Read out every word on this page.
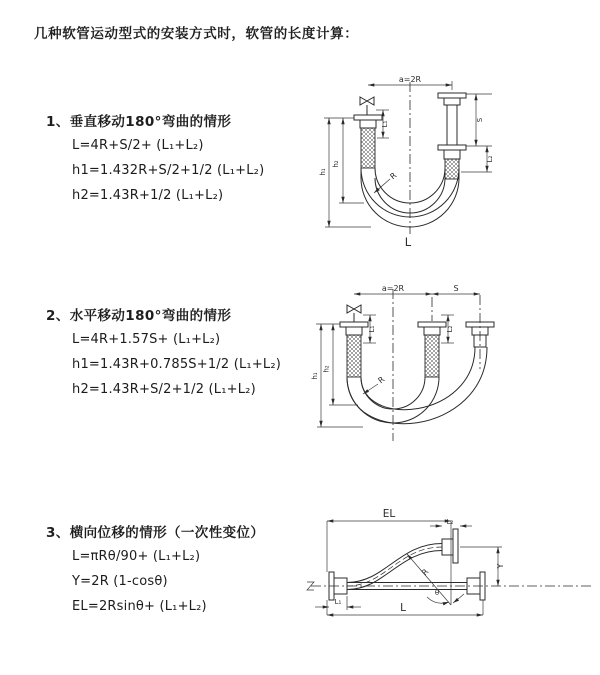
几种软管运动型式的安装方式时，软管的长度计算：
1、垂直移动180°弯曲的情形
L=4R+S/2+ (L₁+L₂)
h1=1.432R+S/2+1/2 (L₁+L₂)
h2=1.43R+1/2 (L₁+L₂)
2、水平移动180°弯曲的情形
L=4R+1.57S+ (L₁+L₂)
h1=1.43R+0.785S+1/2 (L₁+L₂)
h2=1.43R+S/2+1/2 (L₁+L₂)
3、横向位移的情形（一次性变位）
L=πRθ/90+ (L₁+L₂)
Y=2R (1-cosθ)
EL=2Rsinθ+ (L₁+L₂)
a=2R
L₁
S
L₂
h₁
h₂
R
L
a=2R	S
h₁
h₂
L₁	L₂
R
EL
L₂
R
θ
Y
L
L₁
